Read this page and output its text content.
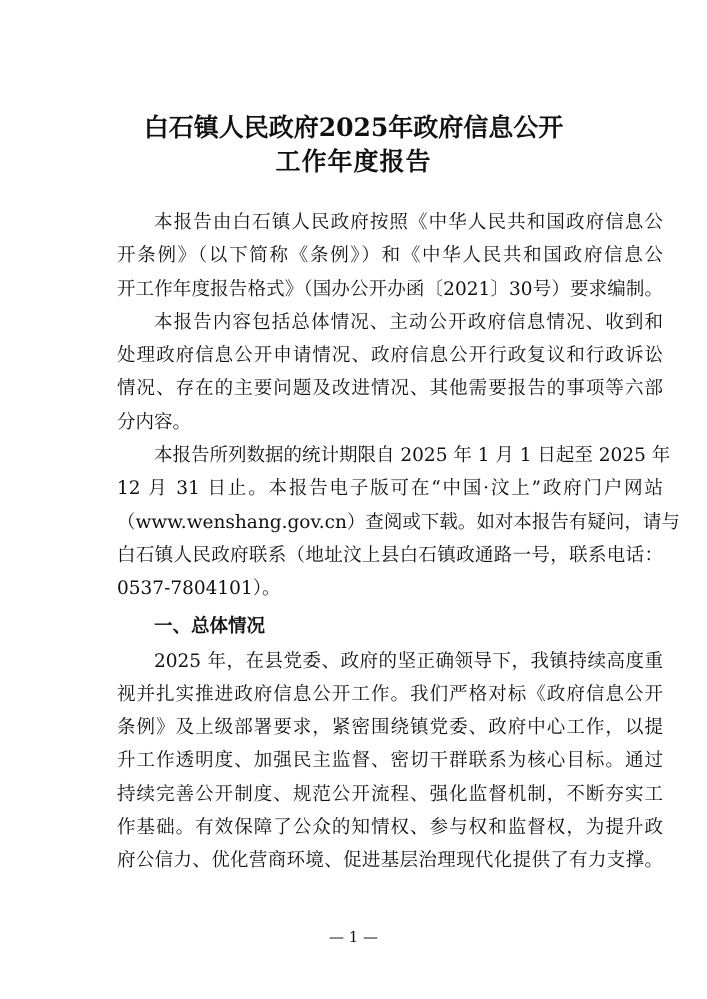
白石镇人民政府2025年政府信息公开
工作年度报告
本报告由白石镇人民政府按照《中华人民共和国政府信息公
开条例》（以下简称《条例》）和《中华人民共和国政府信息公
开工作年度报告格式》（国办公开办函〔2021〕30号）要求编制。
本报告内容包括总体情况、主动公开政府信息情况、收到和
处理政府信息公开申请情况、政府信息公开行政复议和行政诉讼
情况、存在的主要问题及改进情况、其他需要报告的事项等六部
分内容。
本报告所列数据的统计期限自 2025 年 1 月 1 日起至 2025 年
12 月 31 日止。本报告电子版可在“中国·汶上”政府门户网站
（www.wenshang.gov.cn）查阅或下载。如对本报告有疑问，请与
白石镇人民政府联系（地址汶上县白石镇政通路一号，联系电话：
0537-7804101）。
一、总体情况
2025 年，在县党委、政府的坚正确领导下，我镇持续高度重
视并扎实推进政府信息公开工作。我们严格对标《政府信息公开
条例》及上级部署要求，紧密围绕镇党委、政府中心工作，以提
升工作透明度、加强民主监督、密切干群联系为核心目标。通过
持续完善公开制度、规范公开流程、强化监督机制，不断夯实工
作基础。有效保障了公众的知情权、参与权和监督权，为提升政
府公信力、优化营商环境、促进基层治理现代化提供了有力支撑。
— 1 —
